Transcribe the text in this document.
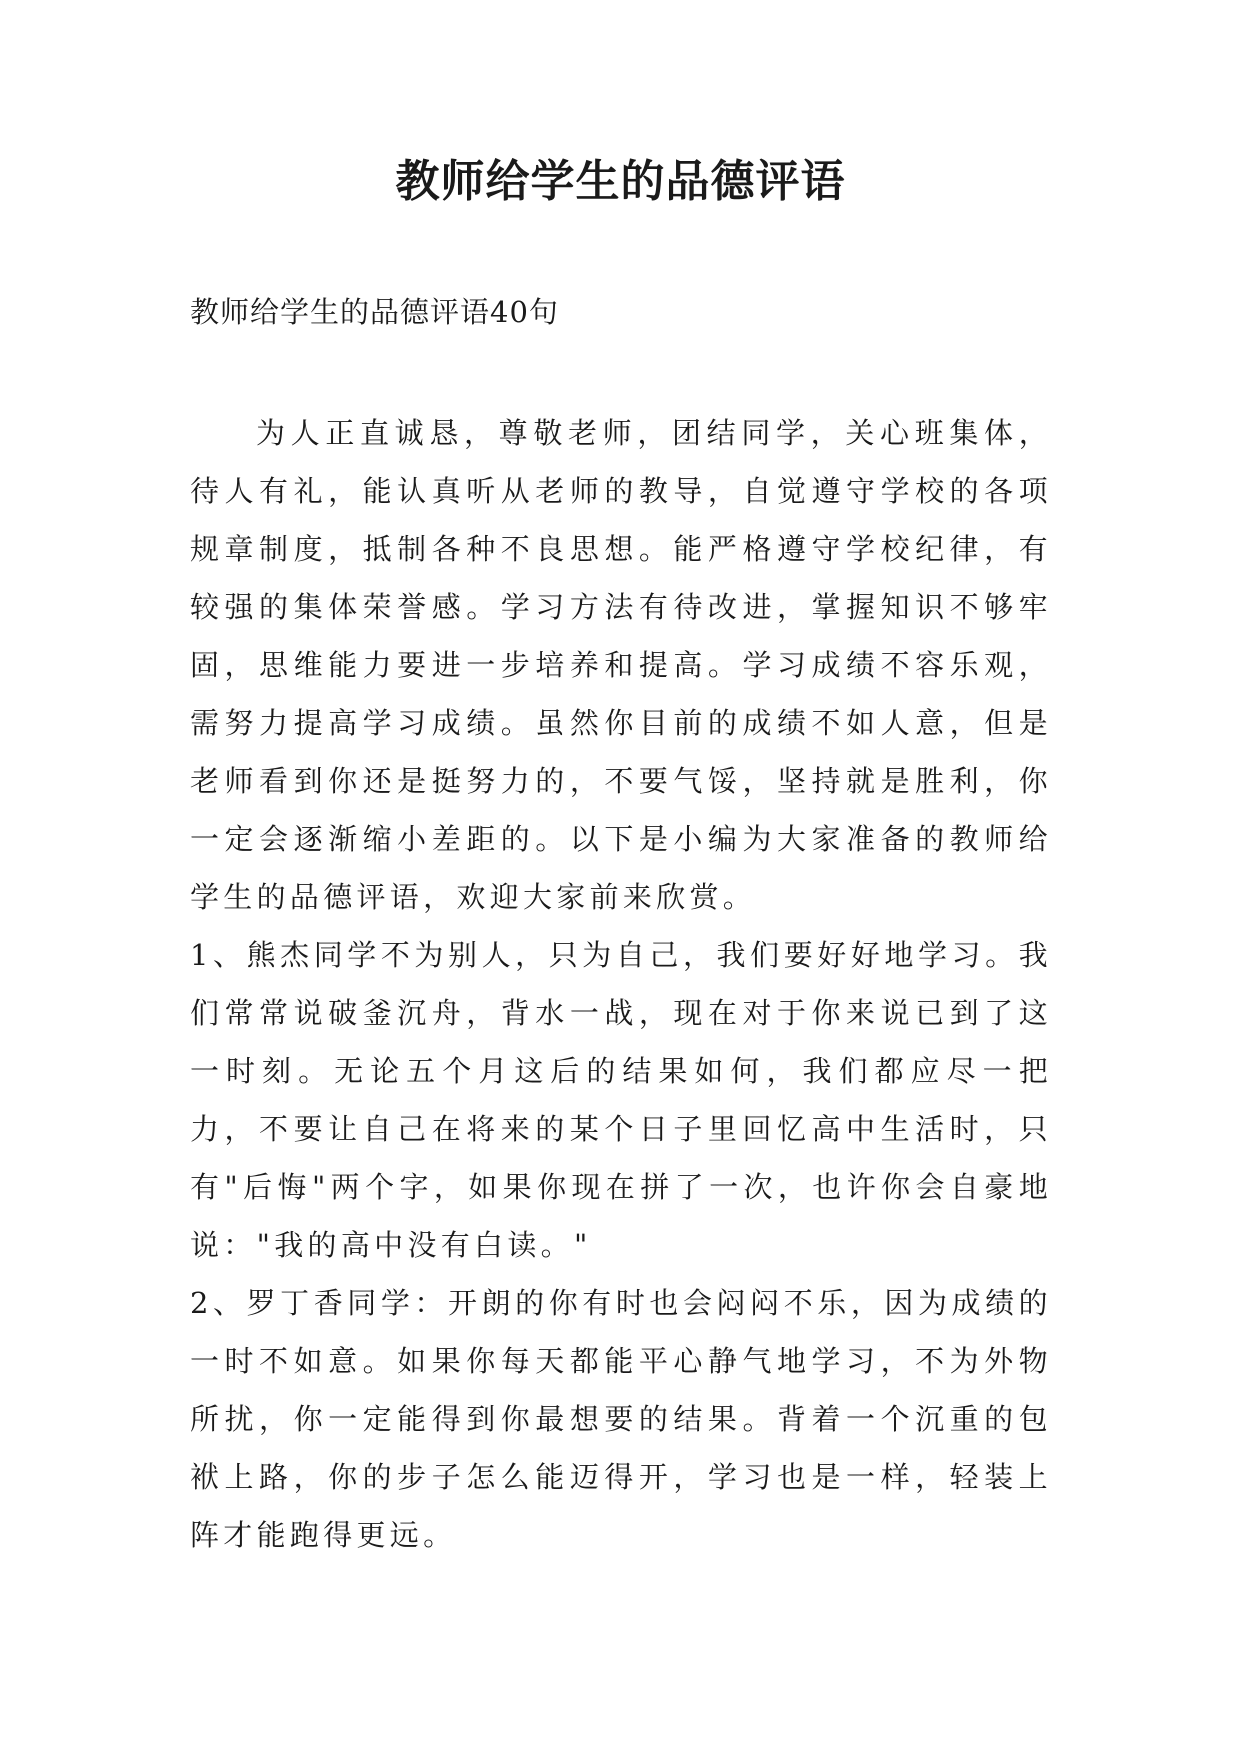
教师给学生的品德评语

教师给学生的品德评语40句

为人正直诚恳，尊敬老师，团结同学，关心班集体，待人有礼，能认真听从老师的教导，自觉遵守学校的各项规章制度，抵制各种不良思想。能严格遵守学校纪律，有较强的集体荣誉感。学习方法有待改进，掌握知识不够牢固，思维能力要进一步培养和提高。学习成绩不容乐观，需努力提高学习成绩。虽然你目前的成绩不如人意，但是老师看到你还是挺努力的，不要气馁，坚持就是胜利，你一定会逐渐缩小差距的。以下是小编为大家准备的教师给学生的品德评语，欢迎大家前来欣赏。

1、熊杰同学不为别人，只为自己，我们要好好地学习。我们常常说破釜沉舟，背水一战，现在对于你来说已到了这一时刻。无论五个月这后的结果如何，我们都应尽一把力，不要让自己在将来的某个日子里回忆高中生活时，只有"后悔"两个字，如果你现在拼了一次，也许你会自豪地说："我的高中没有白读。"

2、罗丁香同学：开朗的你有时也会闷闷不乐，因为成绩的一时不如意。如果你每天都能平心静气地学习，不为外物所扰，你一定能得到你最想要的结果。背着一个沉重的包袱上路，你的步子怎么能迈得开，学习也是一样，轻装上阵才能跑得更远。
